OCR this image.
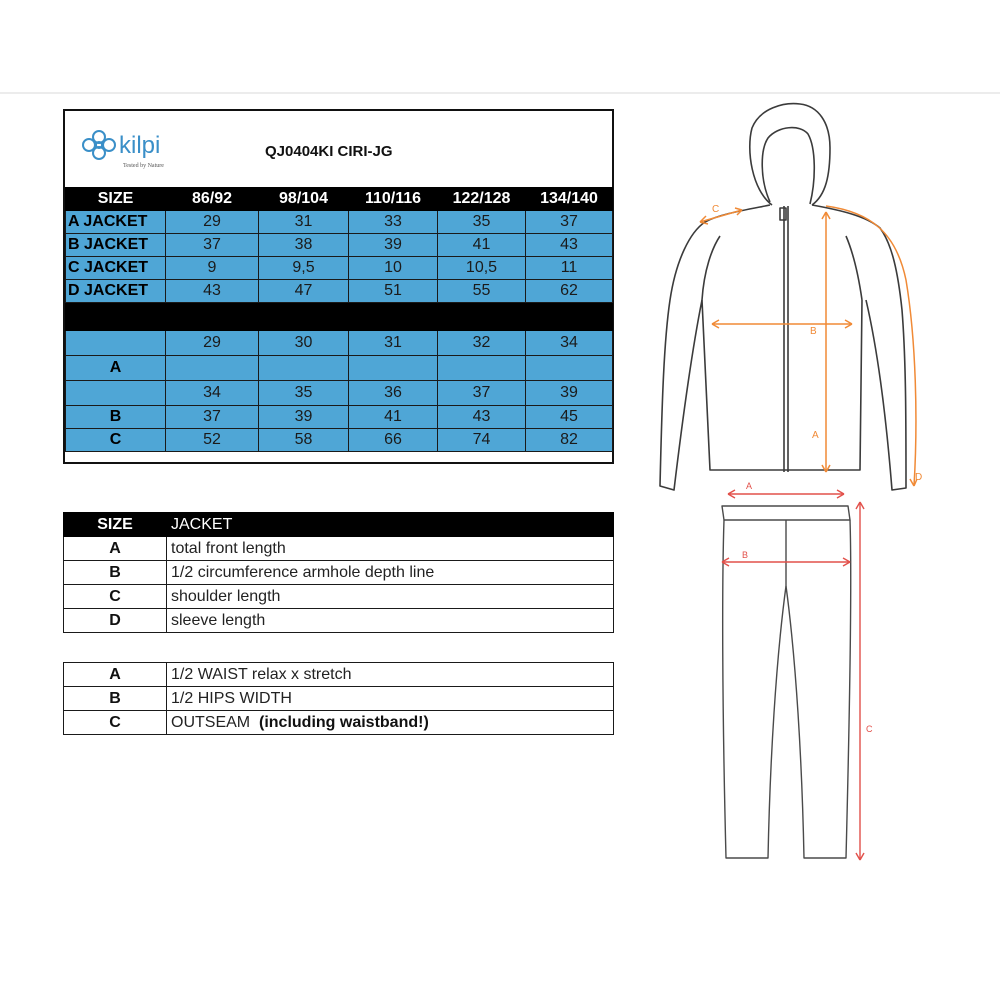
kilpi
Tested by Nature
QJ0404KI CIRI-JG
SIZE	86/92	98/104	110/116	122/128	134/140
A JACKET	29	31	33	35	37
B JACKET	37	38	39	41	43
C JACKET	9	9,5	10	10,5	11
D JACKET	43	47	51	55	62

	29	30	31	32	34
A					
	34	35	36	37	39
B	37	39	41	43	45
C	52	58	66	74	82
SIZE	JACKET
A	total front length
B	1/2 circumference armhole depth line
C	shoulder length
D	sleeve length
A	1/2 WAIST relax x stretch
B	1/2 HIPS WIDTH
C	OUTSEAM  (including waistband!)
C
B
A
D
A
B
C
